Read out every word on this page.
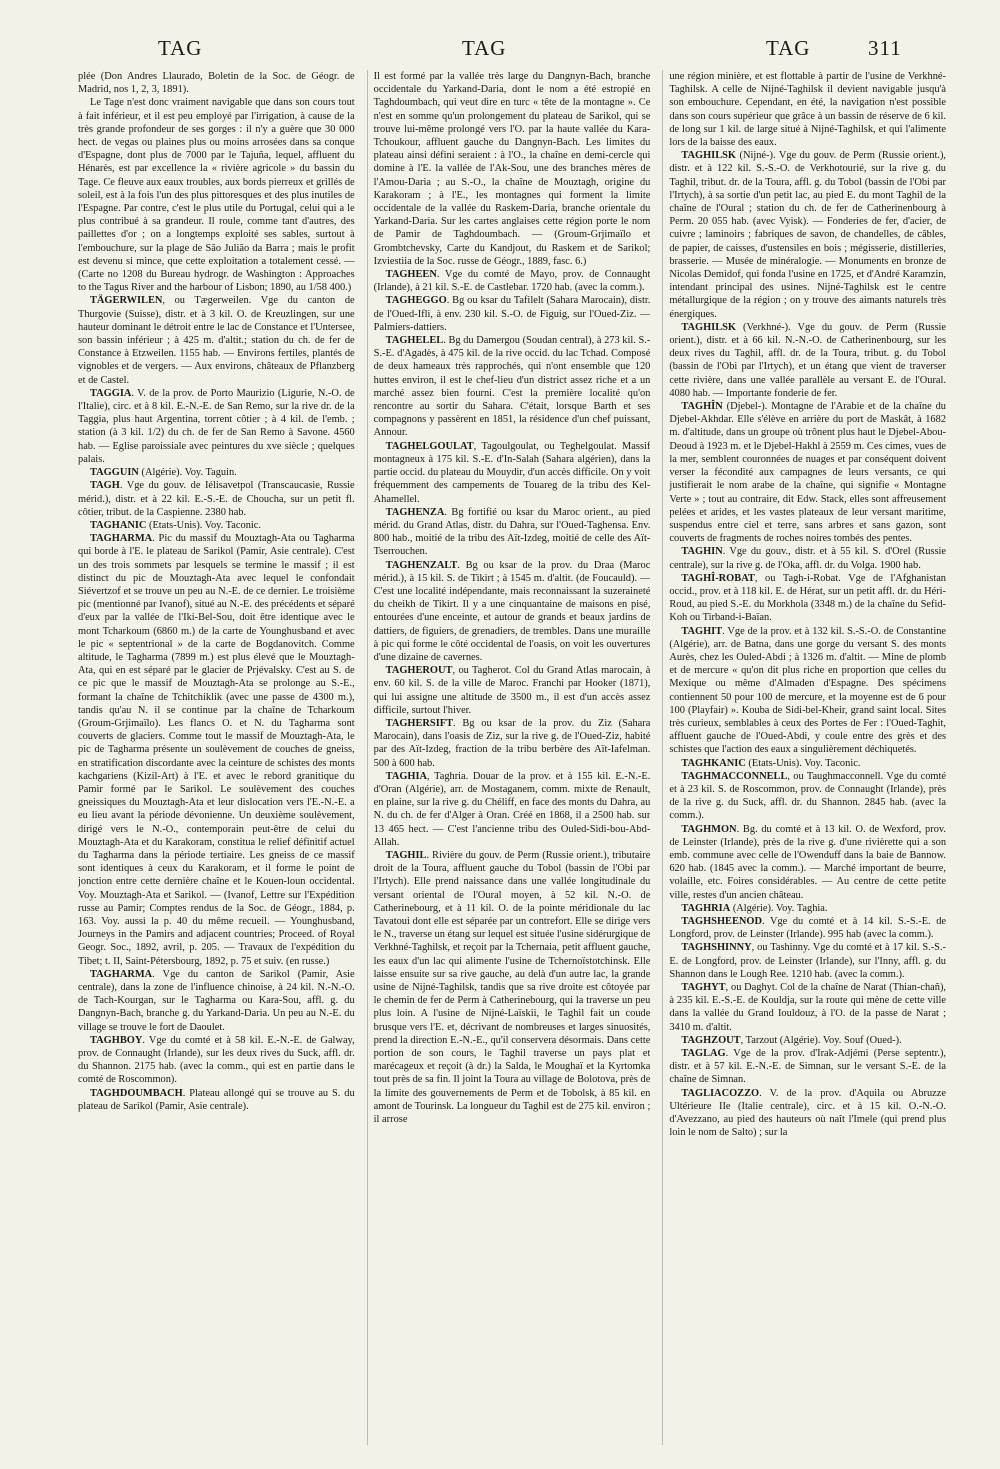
TAG	TAG	TAG	311

plée (Don Andres Llaurado, Boletin de la Soc. de Géogr. de Madrid, nos 1, 2, 3, 1891).

Le Tage n'est donc vraiment navigable que dans son cours tout à fait inférieur, et il est peu employé par l'irrigation, à cause de la très grande profondeur de ses gorges : il n'y a guère que 30 000 hect. de vegas ou plaines plus ou moins arrosées dans sa conque d'Espagne, dont plus de 7000 par le Tajuña, lequel, affluent du Hénarès, est par excellence la « rivière agricole » du bassin du Tage. Ce fleuve aux eaux troubles, aux bords pierreux et grillés de soleil, est à la fois l'un des plus pittoresques et des plus inutiles de l'Espagne. Par contre, c'est le plus utile du Portugal, celui qui a le plus contribué à sa grandeur. Il roule, comme tant d'autres, des paillettes d'or ; on a longtemps exploité ses sables, surtout à l'embouchure, sur la plage de São Julião da Barra ; mais le profit est devenu si mince, que cette exploitation a totalement cessé. — (Carte no 1208 du Bureau hydrogr. de Washington : Approaches to the Tagus River and the harbour of Lisbon; 1890, au 1/58 400.)

TÄGERWILEN, ou Tægerweilen. Vge du canton de Thurgovie (Suisse), distr. et à 3 kil. O. de Kreuzlingen, sur une hauteur dominant le détroit entre le lac de Constance et l'Untersee, son bassin inférieur ; à 425 m. d'altit.; station du ch. de fer de Constance à Etzweilen. 1155 hab. — Environs fertiles, plantés de vignobles et de vergers. — Aux environs, châteaux de Pflanzberg et de Castel.

TAGGIA. V. de la prov. de Porto Maurizio (Ligurie, N.-O. de l'Italie), circ. et à 8 kil. E.-N.-E. de San Remo, sur la rive dr. de la Taggia, plus haut Argentina, torrent côtier ; à 4 kil. de l'emb. ; station (à 3 kil. 1/2) du ch. de fer de San Remo à Savone. 4560 hab. — Eglise paroissiale avec peintures du xve siècle ; quelques palais.

TAGGUIN (Algérie). Voy. Taguin.

TAGH. Vge du gouv. de Iélisavetpol (Transcaucasie, Russie mérid.), distr. et à 22 kil. E.-S.-E. de Choucha, sur un petit fl. côtier, tribut. de la Caspienne. 2380 hab.

TAGHANIC (Etats-Unis). Voy. Taconic.

TAGHARMA. Pic du massif du Mouztagh-Ata ou Tagharma qui borde à l'E. le plateau de Sarikol (Pamir, Asie centrale). C'est un des trois sommets par lesquels se termine le massif ; il est distinct du pic de Mouztagh-Ata avec lequel le confondait Siévertzof et se trouve un peu au N.-E. de ce dernier. Le troisième pic (mentionné par Ivanof), situé au N.-E. des précédents et séparé d'eux par la vallée de l'Iki-Bel-Sou, doit être identique avec le mont Tcharkoum (6860 m.) de la carte de Younghusband et avec le pic « septentrional » de la carte de Bogdanovitch. Comme altitude, le Tagharma (7899 m.) est plus élevé que le Mouztagh-Ata, qui en est séparé par le glacier de Prjévalsky. C'est au S. de ce pic que le massif de Mouztagh-Ata se prolonge au S.-E., formant la chaîne de Tchitchiklik (avec une passe de 4300 m.), tandis qu'au N. il se continue par la chaîne de Tcharkoum (Groum-Grjimaïlo). Les flancs O. et N. du Tagharma sont couverts de glaciers. Comme tout le massif de Mouztagh-Ata, le pic de Tagharma présente un soulèvement de couches de gneiss, en stratification discordante avec la ceinture de schistes des monts kachgariens (Kizil-Art) à l'E. et avec le rebord granitique du Pamir formé par le Sarikol. Le soulèvement des couches gneissiques du Mouztagh-Ata et leur dislocation vers l'E.-N.-E. a eu lieu avant la période dévonienne. Un deuxième soulèvement, dirigé vers le N.-O., contemporain peut-être de celui du Mouztagh-Ata et du Karakoram, constitua le relief définitif actuel du Tagharma dans la période tertiaire. Les gneiss de ce massif sont identiques à ceux du Karakoram, et il forme le point de jonction entre cette dernière chaîne et le Kouen-loun occidental. Voy. Mouztagh-Ata et Sarikol. — (Ivanof, Lettre sur l'Expédition russe au Pamir; Comptes rendus de la Soc. de Géogr., 1884, p. 163. Voy. aussi la p. 40 du même recueil. — Younghusband, Journeys in the Pamirs and adjacent countries; Proceed. of Royal Geogr. Soc., 1892, avril, p. 205. — Travaux de l'expédition du Tibet; t. II, Saint-Pétersbourg, 1892, p. 75 et suiv. (en russe.)

TAGHARMA. Vge du canton de Sarikol (Pamir, Asie centrale), dans la zone de l'influence chinoise, à 24 kil. N.-N.-O. de Tach-Kourgan, sur le Tagharma ou Kara-Sou, affl. g. du Dangnyn-Bach, branche g. du Yarkand-Daria. Un peu au N.-E. du village se trouve le fort de Daoulet.

TAGHBOY. Vge du comté et à 58 kil. E.-N.-E. de Galway, prov. de Connaught (Irlande), sur les deux rives du Suck, affl. dr. du Shannon. 2175 hab. (avec la comm., qui est en partie dans le comté de Roscommon).

TAGHDOUMBACH. Plateau allongé qui se trouve au S. du plateau de Sarikol (Pamir, Asie centrale).

Il est formé par la vallée très large du Dangnyn-Bach, branche occidentale du Yarkand-Daria, dont le nom a été estropié en Taghdoumbach, qui veut dire en turc « tête de la montagne ». Ce n'est en somme qu'un prolongement du plateau de Sarikol, qui se trouve lui-même prolongé vers l'O. par la haute vallée du Kara-Tchoukour, affluent gauche du Dangnyn-Bach. Les limites du plateau ainsi défini seraient : à l'O., la chaîne en demi-cercle qui domine à l'E. la vallée de l'Ak-Sou, une des branches mères de l'Amou-Daria ; au S.-O., la chaîne de Mouztagh, origine du Karakoram ; à l'E., les montagnes qui forment la limite occidentale de la vallée du Raskem-Daria, branche orientale du Yarkand-Daria. Sur les cartes anglaises cette région porte le nom de Pamir de Taghdoumbach. — (Groum-Grjimaïlo et Grombtchevsky, Carte du Kandjout, du Raskem et de Sarikol; Izviestiia de la Soc. russe de Géogr., 1889, fasc. 6.)

TAGHEEN. Vge du comté de Mayo, prov. de Connaught (Irlande), à 21 kil. S.-E. de Castlebar. 1720 hab. (avec la comm.).

TAGHEGGO. Bg ou ksar du Tafilelt (Sahara Marocain), distr. de l'Oued-Ifli, à env. 230 kil. S.-O. de Figuig, sur l'Oued-Ziz. — Palmiers-dattiers.

TAGHELEL. Bg du Damergou (Soudan central), à 273 kil. S.-S.-E. d'Agadès, à 475 kil. de la rive occid. du lac Tchad. Composé de deux hameaux très rapprochés, qui n'ont ensemble que 120 huttes environ, il est le chef-lieu d'un district assez riche et a un marché assez bien fourni. C'est la première localité qu'on rencontre au sortir du Sahara. C'était, lorsque Barth et ses compagnons y passèrent en 1851, la résidence d'un chef puissant, Annour.

TAGHELGOULAT, Tagoulgoulat, ou Teghelgoulat. Massif montagneux à 175 kil. S.-E. d'In-Salah (Sahara algérien), dans la partie occid. du plateau du Mouydir, d'un accès difficile. On y voit fréquemment des campements de Touareg de la tribu des Kel-Ahamellel.

TAGHENZA. Bg fortifié ou ksar du Maroc orient., au pied mérid. du Grand Atlas, distr. du Dahra, sur l'Oued-Taghensa. Env. 800 hab., moitié de la tribu des Aït-Izdeg, moitié de celle des Aït-Tserrouchen.

TAGHENZALT. Bg ou ksar de la prov. du Draa (Maroc mérid.), à 15 kil. S. de Tikirt ; à 1545 m. d'altit. (de Foucauld). — C'est une localité indépendante, mais reconnaissant la suzeraineté du cheikh de Tikirt. Il y a une cinquantaine de maisons en pisé, entourées d'une enceinte, et autour de grands et beaux jardins de dattiers, de figuiers, de grenadiers, de trembles. Dans une muraille à pic qui forme le côté occidental de l'oasis, on voit les ouvertures d'une dizaine de cavernes.

TAGHEROUT, ou Tagherot. Col du Grand Atlas marocain, à env. 60 kil. S. de la ville de Maroc. Franchi par Hooker (1871), qui lui assigne une altitude de 3500 m., il est d'un accès assez difficile, surtout l'hiver.

TAGHERSIFT. Bg ou ksar de la prov. du Ziz (Sahara Marocain), dans l'oasis de Ziz, sur la rive g. de l'Oued-Ziz, habité par des Aït-Izdeg, fraction de la tribu berbère des Aït-Iafelman. 500 à 600 hab.

TAGHIA, Taghria. Douar de la prov. et à 155 kil. E.-N.-E. d'Oran (Algérie), arr. de Mostaganem, comm. mixte de Renault, en plaine, sur la rive g. du Chéliff, en face des monts du Dahra, au N. du ch. de fer d'Alger à Oran. Créé en 1868, il a 2500 hab. sur 13 465 hect. — C'est l'ancienne tribu des Ouled-Sidi-bou-Abd-Allah.

TAGHIL. Rivière du gouv. de Perm (Russie orient.), tributaire droit de la Toura, affluent gauche du Tobol (bassin de l'Obi par l'Irtych). Elle prend naissance dans une vallée longitudinale du versant oriental de l'Oural moyen, à 52 kil. N.-O. de Catherinebourg, et à 11 kil. O. de la pointe méridionale du lac Tavatoui dont elle est séparée par un contrefort. Elle se dirige vers le N., traverse un étang sur lequel est située l'usine sidérurgique de Verkhné-Taghilsk, et reçoit par la Tchernaia, petit affluent gauche, les eaux d'un lac qui alimente l'usine de Tchernoïstotchinsk. Elle laisse ensuite sur sa rive gauche, au delà d'un autre lac, la grande usine de Nijné-Taghilsk, tandis que sa rive droite est côtoyée par le chemin de fer de Perm à Catherinebourg, qui la traverse un peu plus loin. A l'usine de Nijné-Laïskii, le Taghil fait un coude brusque vers l'E. et, décrivant de nombreuses et larges sinuosités, prend la direction E.-N.-E., qu'il conservera désormais. Dans cette portion de son cours, le Taghil traverse un pays plat et marécageux et reçoit (à dr.) la Salda, le Moughaï et la Kyrtomka tout près de sa fin. Il joint la Toura au village de Bolotova, près de la limite des gouvernements de Perm et de Tobolsk, à 85 kil. en amont de Tourinsk. La longueur du Taghil est de 275 kil. environ ; il arrose

une région minière, et est flottable à partir de l'usine de Verkhné-Taghilsk. A celle de Nijné-Taghilsk il devient navigable jusqu'à son embouchure. Cependant, en été, la navigation n'est possible dans son cours supérieur que grâce à un bassin de réserve de 6 kil. de long sur 1 kil. de large situé à Nijné-Taghilsk, et qui l'alimente lors de la baisse des eaux.

TAGHILSK (Nijné-). Vge du gouv. de Perm (Russie orient.), distr. et à 122 kil. S.-S.-O. de Verkhotourié, sur la rive g. du Taghil, tribut. dr. de la Toura, affl. g. du Tobol (bassin de l'Obi par l'Irtych), à sa sortie d'un petit lac, au pied E. du mont Taghil de la chaîne de l'Oural ; station du ch. de fer de Catherinenbourg à Perm. 20 055 hab. (avec Vyisk). — Fonderies de fer, d'acier, de cuivre ; laminoirs ; fabriques de savon, de chandelles, de câbles, de papier, de caisses, d'ustensiles en bois ; mégisserie, distilleries, brasserie. — Musée de minéralogie. — Monuments en bronze de Nicolas Demidof, qui fonda l'usine en 1725, et d'André Karamzin, intendant principal des usines. Nijné-Taghilsk est le centre métallurgique de la région ; on y trouve des aimants naturels très énergiques.

TAGHILSK (Verkhné-). Vge du gouv. de Perm (Russie orient.), distr. et à 66 kil. N.-N.-O. de Catherinenbourg, sur les deux rives du Taghil, affl. dr. de la Toura, tribut. g. du Tobol (bassin de l'Obi par l'Irtych), et un étang que vient de traverser cette rivière, dans une vallée parallèle au versant E. de l'Oural. 4080 hab. — Importante fonderie de fer.

TAGHÎN (Djebel-). Montagne de l'Arabie et de la chaîne du Djebel-Akhdar. Elle s'élève en arrière du port de Maskât, à 1682 m. d'altitude, dans un groupe où trônent plus haut le Djebel-Abou-Deoud à 1923 m. et le Djebel-Hakhl à 2559 m. Ces cimes, vues de la mer, semblent couronnées de nuages et par conséquent doivent verser la fécondité aux campagnes de leurs versants, ce qui justifierait le nom arabe de la chaîne, qui signifie « Montagne Verte » ; tout au contraire, dit Edw. Stack, elles sont affreusement pelées et arides, et les vastes plateaux de leur versant maritime, suspendus entre ciel et terre, sans arbres et sans gazon, sont couverts de fragments de roches noires tombés des pentes.

TAGHIN. Vge du gouv., distr. et à 55 kil. S. d'Orel (Russie centrale), sur la rive g. de l'Oka, affl. dr. du Volga. 1900 hab.

TAGHÎ-ROBAT, ou Tagh-i-Robat. Vge de l'Afghanistan occid., prov. et à 118 kil. E. de Hérat, sur un petit affl. dr. du Héri-Roud, au pied S.-E. du Morkhola (3348 m.) de la chaîne du Sefid-Koh ou Tirband-i-Baïan.

TAGHIT. Vge de la prov. et à 132 kil. S.-S.-O. de Constantine (Algérie), arr. de Batna, dans une gorge du versant S. des monts Aurès, chez les Ouled-Abdi ; à 1326 m. d'altit. — Mine de plomb et de mercure « qu'on dit plus riche en proportion que celles du Mexique ou même d'Almaden d'Espagne. Des spécimens contiennent 50 pour 100 de mercure, et la moyenne est de 6 pour 100 (Playfair) ». Kouba de Sidi-bel-Kheir, grand saint local. Sites très curieux, semblables à ceux des Portes de Fer : l'Oued-Taghit, affluent gauche de l'Oued-Abdi, y coule entre des grès et des schistes que l'action des eaux a singulièrement déchiquetés.

TAGHKANIC (Etats-Unis). Voy. Taconic.

TAGHMACCONNELL, ou Taughmacconnell. Vge du comté et à 23 kil. S. de Roscommon, prov. de Connaught (Irlande), près de la rive g. du Suck, affl. dr. du Shannon. 2845 hab. (avec la comm.).

TAGHMON. Bg. du comté et à 13 kil. O. de Wexford, prov. de Leinster (Irlande), près de la rive g. d'une rivièrette qui a son emb. commune avec celle de l'Owenduff dans la baie de Bannow. 620 hab. (1845 avec la comm.). — Marché important de beurre, volaille, etc. Foires considérables. — Au centre de cette petite ville, restes d'un ancien château.

TAGHRIA (Algérie). Voy. Taghia.

TAGHSHEENOD. Vge du comté et à 14 kil. S.-S.-E. de Longford, prov. de Leinster (Irlande). 995 hab (avec la comm.).

TAGHSHINNY, ou Tashinny. Vge du comté et à 17 kil. S.-S.-E. de Longford, prov. de Leinster (Irlande), sur l'Inny, affl. g. du Shannon dans le Lough Ree. 1210 hab. (avec la comm.).

TAGHYT, ou Daghyt. Col de la chaîne de Narat (Thian-chañ), à 235 kil. E.-S.-E. de Kouldja, sur la route qui mène de cette ville dans la vallée du Grand Iouldouz, à l'O. de la passe de Narat ; 3410 m. d'altit.

TAGHZOUT, Tarzout (Algérie). Voy. Souf (Oued-).

TAGLAG. Vge de la prov. d'Irak-Adjémi (Perse septentr.), distr. et à 57 kil. E.-N.-E. de Simnan, sur le versant S.-E. de la chaîne de Simnan.

TAGLIACOZZO. V. de la prov. d'Aquila ou Abruzze Ultérieure IIe (Italie centrale), circ. et à 15 kil. O.-N.-O. d'Avezzano, au pied des hauteurs où naît l'Imele (qui prend plus loin le nom de Salto) ; sur la
